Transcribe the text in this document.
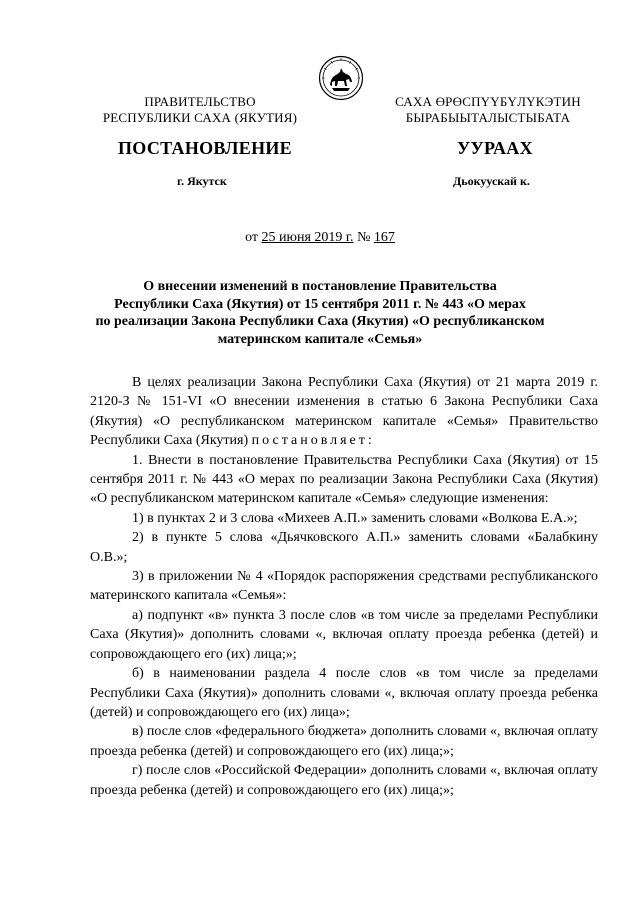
ПРАВИТЕЛЬСТВО
РЕСПУБЛИКИ САХА (ЯКУТИЯ)
САХА ӨРӨСПҮҮБҮЛҮКЭТИН
БЫРАБЫЫТАЛЫСТЫБАТА
ПОСТАНОВЛЕНИЕ	УУРААХ
г. Якутск	Дьокуускай к.
от 25 июня 2019 г. № 167
О внесении изменений в постановление Правительства
Республики Саха (Якутия) от 15 сентября 2011 г. № 443 «О мерах
по реализации Закона Республики Саха (Якутия) «О республиканском
материнском капитале «Семья»

В целях реализации Закона Республики Саха (Якутия) от 21 марта 2019 г. 2120-З № 151-VI «О внесении изменения в статью 6 Закона Республики Саха (Якутия) «О республиканском материнском капитале «Семья» Правительство Республики Саха (Якутия) постановляет:

1. Внести в постановление Правительства Республики Саха (Якутия) от 15 сентября 2011 г. № 443 «О мерах по реализации Закона Республики Саха (Якутия) «О республиканском материнском капитале «Семья» следующие изменения:

1) в пунктах 2 и 3 слова «Михеев А.П.» заменить словами «Волкова Е.А.»;

2) в пункте 5 слова «Дьячковского А.П.» заменить словами «Балабкину О.В.»;

3) в приложении № 4 «Порядок распоряжения средствами республиканского материнского капитала «Семья»:

а) подпункт «в» пункта 3 после слов «в том числе за пределами Республики Саха (Якутия)» дополнить словами «, включая оплату проезда ребенка (детей) и сопровождающего его (их) лица;»;

б) в наименовании раздела 4 после слов «в том числе за пределами Республики Саха (Якутия)» дополнить словами «, включая оплату проезда ребенка (детей) и сопровождающего его (их) лица»;

в) после слов «федерального бюджета» дополнить словами «, включая оплату проезда ребенка (детей) и сопровождающего его (их) лица;»;

г) после слов «Российской Федерации» дополнить словами «, включая оплату проезда ребенка (детей) и сопровождающего его (их) лица;»;
